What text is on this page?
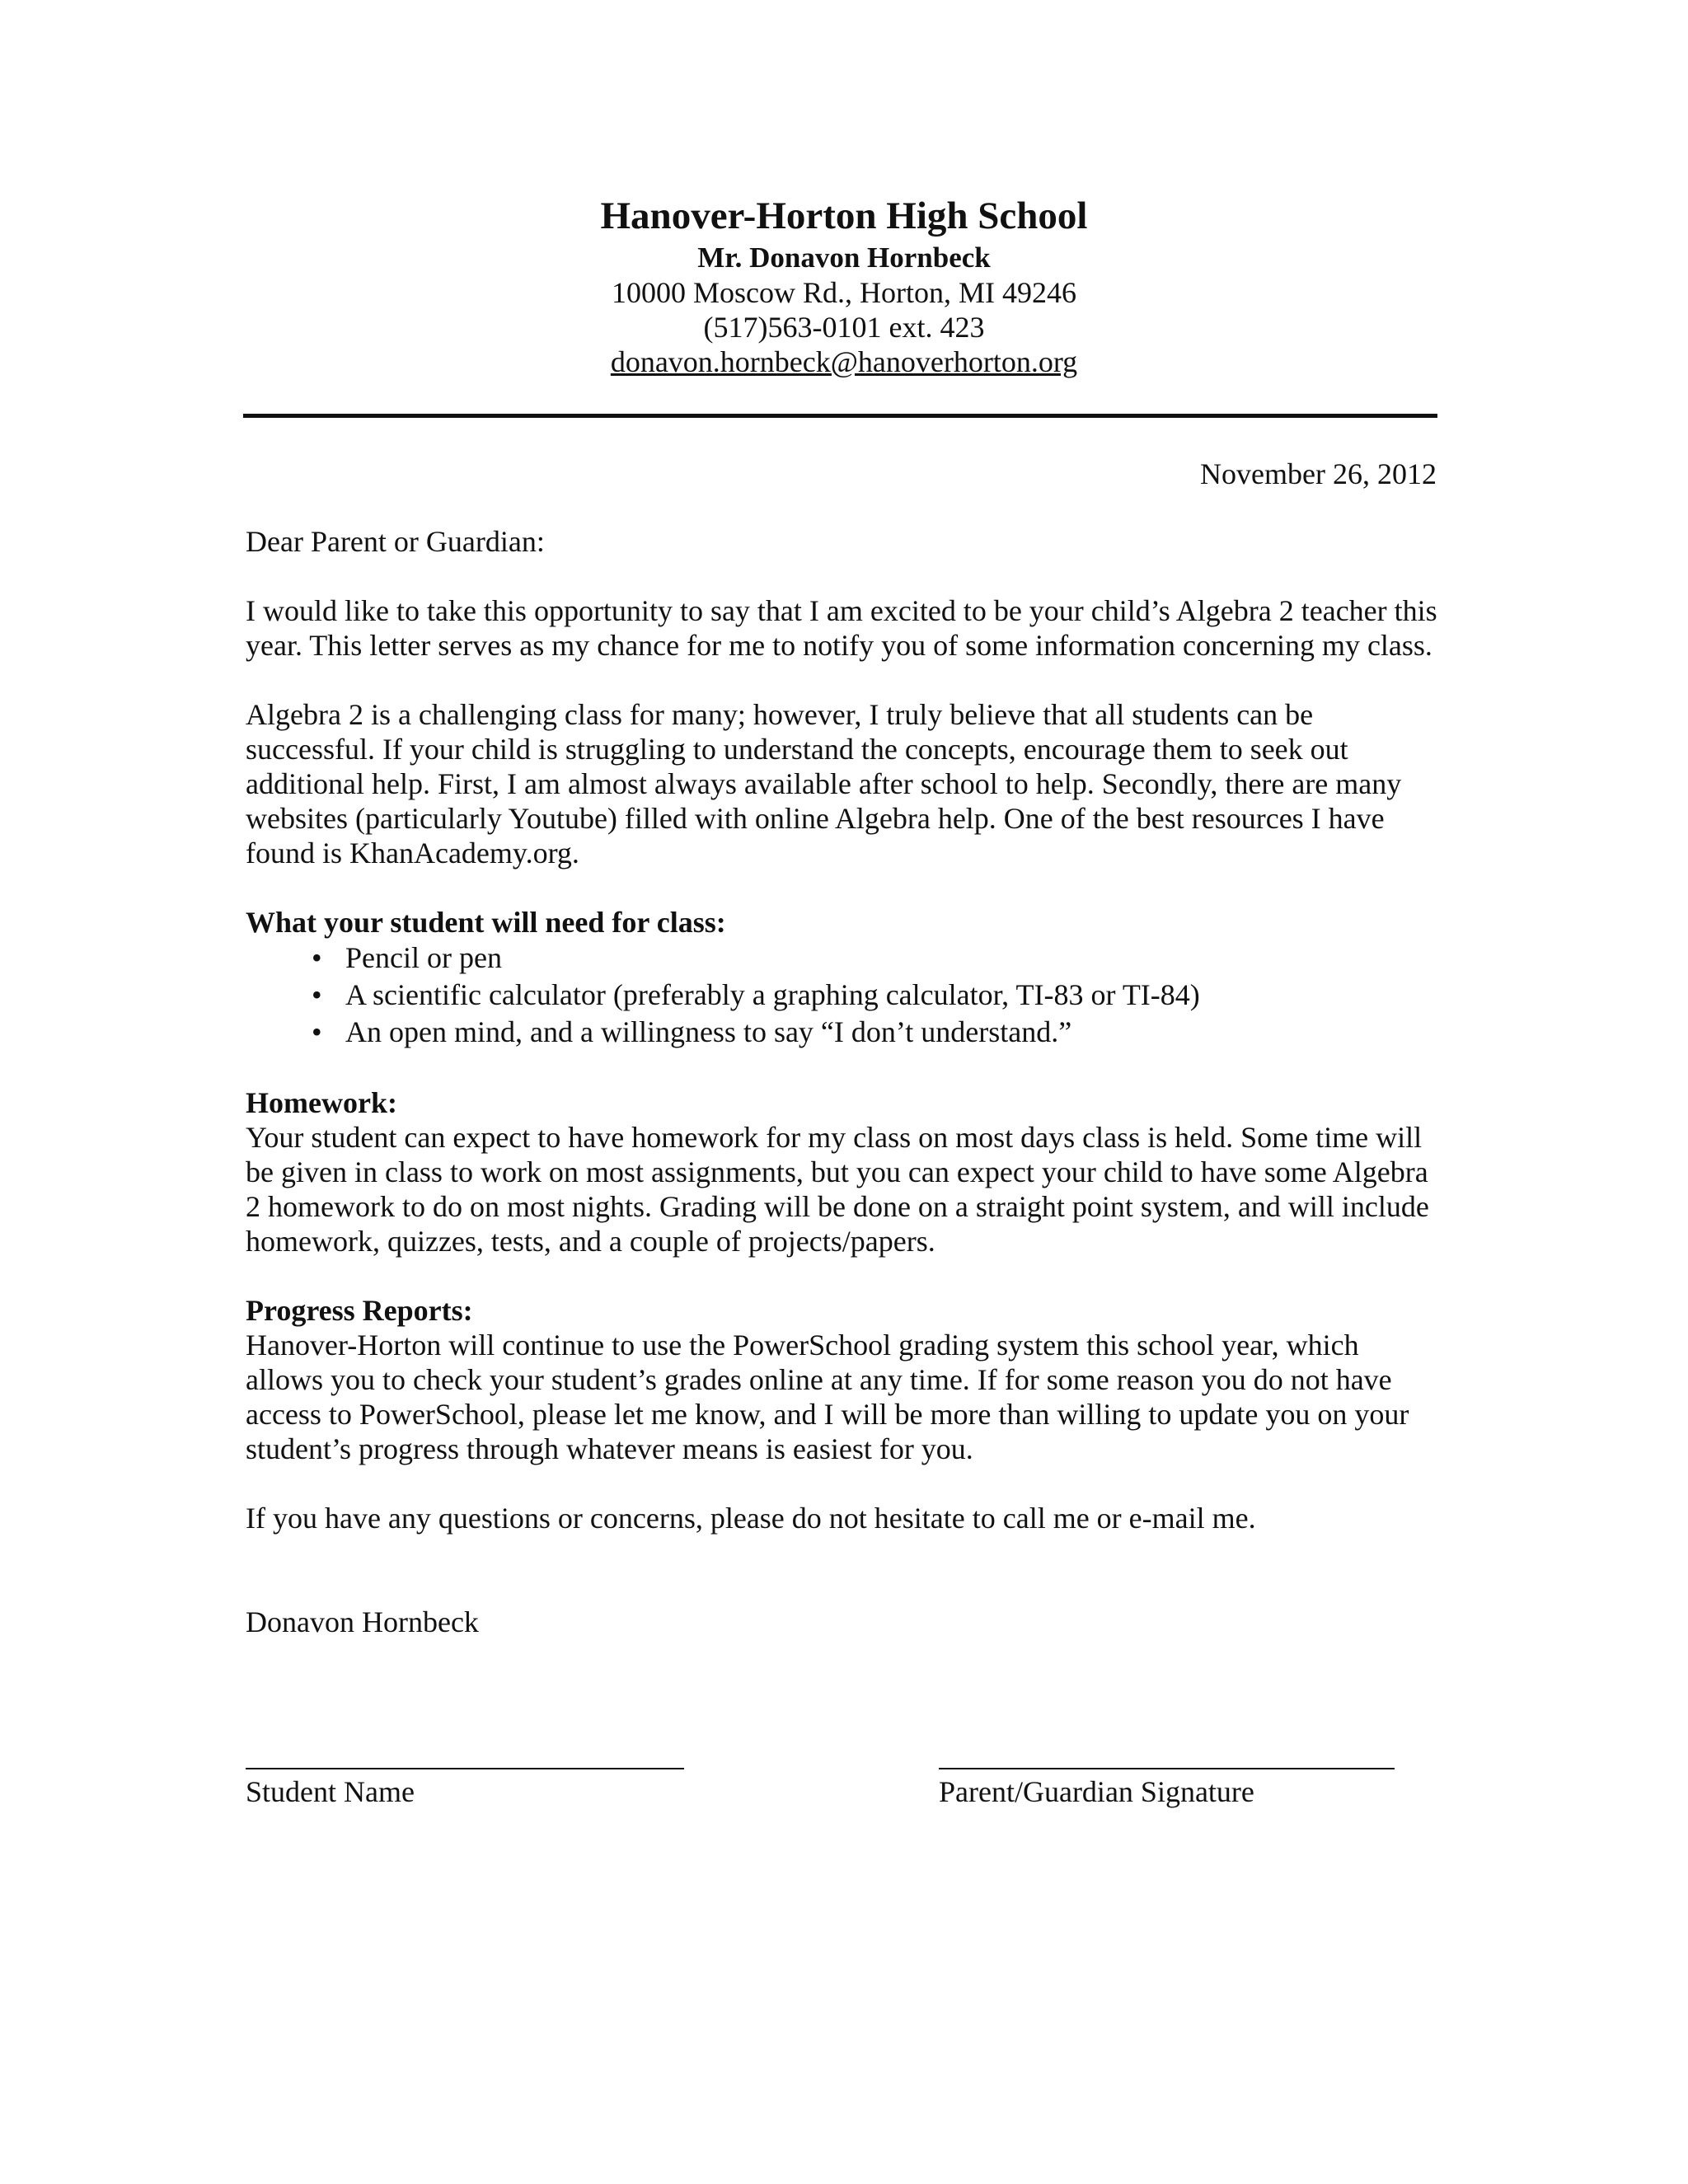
Hanover-Horton High School
Mr. Donavon Hornbeck
10000 Moscow Rd., Horton, MI 49246
(517)563-0101 ext. 423
donavon.hornbeck@hanoverhorton.org
November 26, 2012

Dear Parent or Guardian:

I would like to take this opportunity to say that I am excited to be your child’s Algebra 2 teacher this year. This letter serves as my chance for me to notify you of some information concerning my class.

Algebra 2 is a challenging class for many; however, I truly believe that all students can be successful. If your child is struggling to understand the concepts, encourage them to seek out additional help. First, I am almost always available after school to help. Secondly, there are many websites (particularly Youtube) filled with online Algebra help. One of the best resources I have found is KhanAcademy.org.

What your student will need for class:

• Pencil or pen
• A scientific calculator (preferably a graphing calculator, TI-83 or TI-84)
• An open mind, and a willingness to say “I don’t understand.”

Homework:

Your student can expect to have homework for my class on most days class is held. Some time will be given in class to work on most assignments, but you can expect your child to have some Algebra 2 homework to do on most nights. Grading will be done on a straight point system, and will include homework, quizzes, tests, and a couple of projects/papers.

Progress Reports:

Hanover-Horton will continue to use the PowerSchool grading system this school year, which allows you to check your student’s grades online at any time. If for some reason you do not have access to PowerSchool, please let me know, and I will be more than willing to update you on your student’s progress through whatever means is easiest for you.

If you have any questions or concerns, please do not hesitate to call me or e-mail me.

Donavon Hornbeck

Student Name	Parent/Guardian Signature
